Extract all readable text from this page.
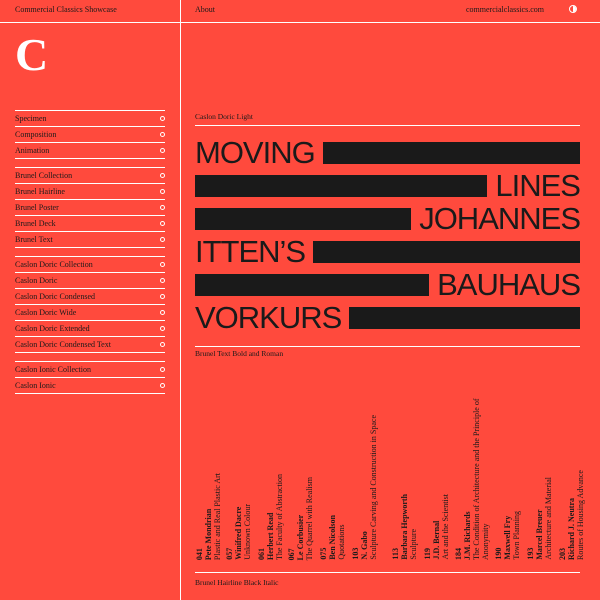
Commercial Classics Showcase	About	commercialclassics.com
C
Specimen
Composition
Animation
Brunel Collection
Brunel Hairline
Brunel Poster
Brunel Deck
Brunel Text
Caslon Doric Collection
Caslon Doric
Caslon Doric Condensed
Caslon Doric Wide
Caslon Doric Extended
Caslon Doric Condensed Text
Caslon Ionic Collection
Caslon Ionic
Caslon Doric Light
MOVING
LINES
JOHANNES
ITTEN’S
BAUHAUS
VORKURS
Brunel Text Bold and Roman
041 Pete Mondrian Plastic and Real Plastic Art 057 Winifred Dacre Unknown Colour 061 Herbert Read The Faculty of Abstraction 067 Le Corbusier The Quarrel with Realism 075 Ben Nicolson Quotations 103 N. Gabo Sculpture Carving and Construction in Space 113 Barbara Hepworth Sculpture 119 J.D. Bernal Art and the Scientist 184 J.M. Richards The Condition of Architecture and the Principle of Anonymity 190 Maxwell Fry Town Planning 193 Marcel Breuer Architecture and Material 203 Richard J. Neutra Routes of Housing Advance
Brunel Hairline Black Italic
